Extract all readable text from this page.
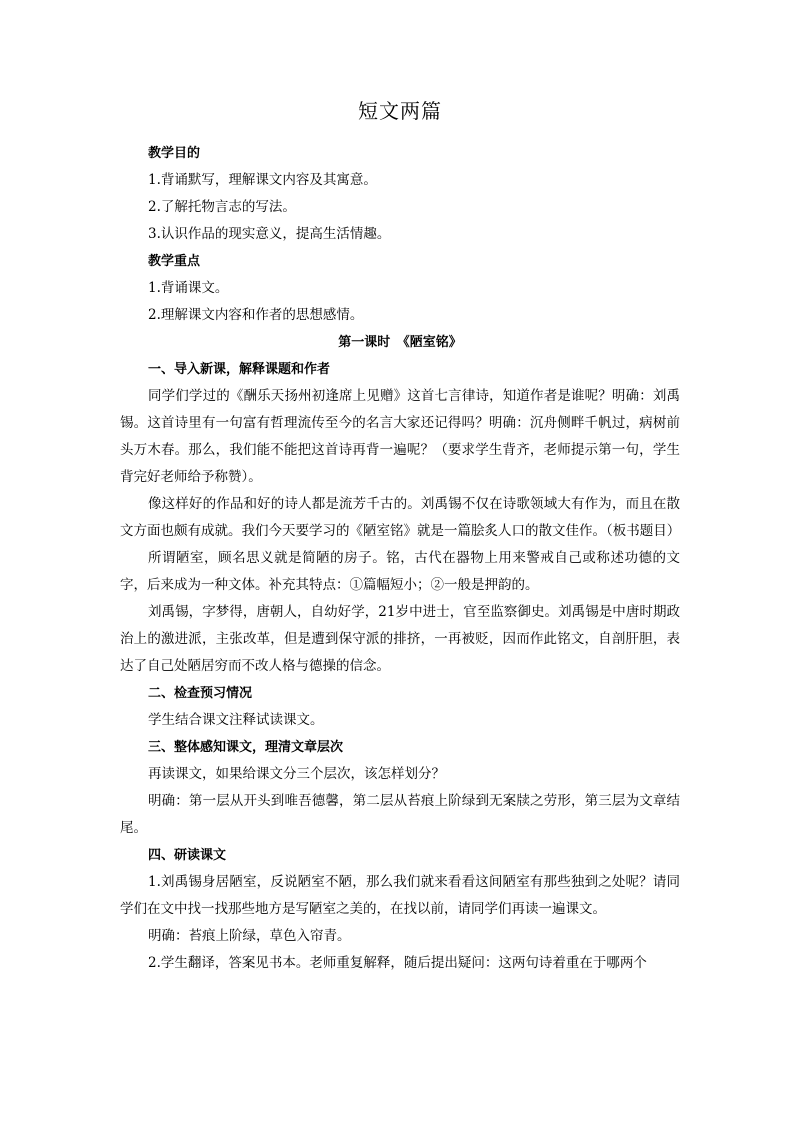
短文两篇

教学目的

1.背诵默写，理解课文内容及其寓意。

2.了解托物言志的写法。

3.认识作品的现实意义，提高生活情趣。

教学重点

1.背诵课文。

2.理解课文内容和作者的思想感情。

第一课时　《陋室铭》

一、导入新课，解释课题和作者

同学们学过的《酬乐天扬州初逢席上见赠》这首七言律诗，知道作者是谁呢？明确：刘禹锡。这首诗里有一句富有哲理流传至今的名言大家还记得吗？明确：沉舟侧畔千帆过，病树前头万木春。那么，我们能不能把这首诗再背一遍呢？（要求学生背齐，老师提示第一句，学生背完好老师给予称赞）。

像这样好的作品和好的诗人都是流芳千古的。刘禹锡不仅在诗歌领域大有作为，而且在散文方面也颇有成就。我们今天要学习的《陋室铭》就是一篇脍炙人口的散文佳作。（板书题目）

所谓陋室，顾名思义就是简陋的房子。铭，古代在器物上用来警戒自己或称述功德的文字，后来成为一种文体。补充其特点：①篇幅短小；②一般是押韵的。

刘禹锡，字梦得，唐朝人，自幼好学，21岁中进士，官至监察御史。刘禹锡是中唐时期政治上的激进派，主张改革，但是遭到保守派的排挤，一再被贬，因而作此铭文，自剖肝胆，表达了自己处陋居穷而不改人格与德操的信念。

二、检查预习情况

学生结合课文注释试读课文。

三、整体感知课文，理清文章层次

再读课文，如果给课文分三个层次，该怎样划分？

明确：第一层从开头到唯吾德馨，第二层从苔痕上阶绿到无案牍之劳形，第三层为文章结尾。

四、研读课文

1.刘禹锡身居陋室，反说陋室不陋，那么我们就来看看这间陋室有那些独到之处呢？请同学们在文中找一找那些地方是写陋室之美的，在找以前，请同学们再读一遍课文。

明确：苔痕上阶绿，草色入帘青。

2.学生翻译，答案见书本。老师重复解释，随后提出疑问：这两句诗着重在于哪两个
